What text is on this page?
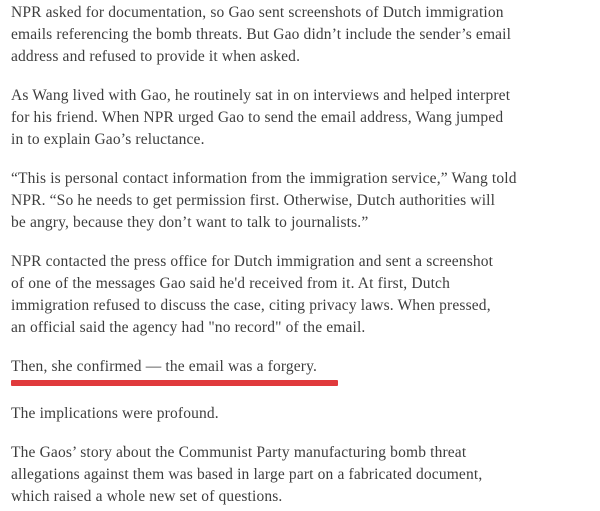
NPR asked for documentation, so Gao sent screenshots of Dutch immigration
emails referencing the bomb threats. But Gao didn’t include the sender’s email
address and refused to provide it when asked.

As Wang lived with Gao, he routinely sat in on interviews and helped interpret
for his friend. When NPR urged Gao to send the email address, Wang jumped
in to explain Gao’s reluctance.

“This is personal contact information from the immigration service,” Wang told
NPR. “So he needs to get permission first. Otherwise, Dutch authorities will
be angry, because they don’t want to talk to journalists.”

NPR contacted the press office for Dutch immigration and sent a screenshot
of one of the messages Gao said he'd received from it. At first, Dutch
immigration refused to discuss the case, citing privacy laws. When pressed,
an official said the agency had "no record" of the email.

Then, she confirmed — the email was a forgery.

The implications were profound.

The Gaos’ story about the Communist Party manufacturing bomb threat
allegations against them was based in large part on a fabricated document,
which raised a whole new set of questions.
